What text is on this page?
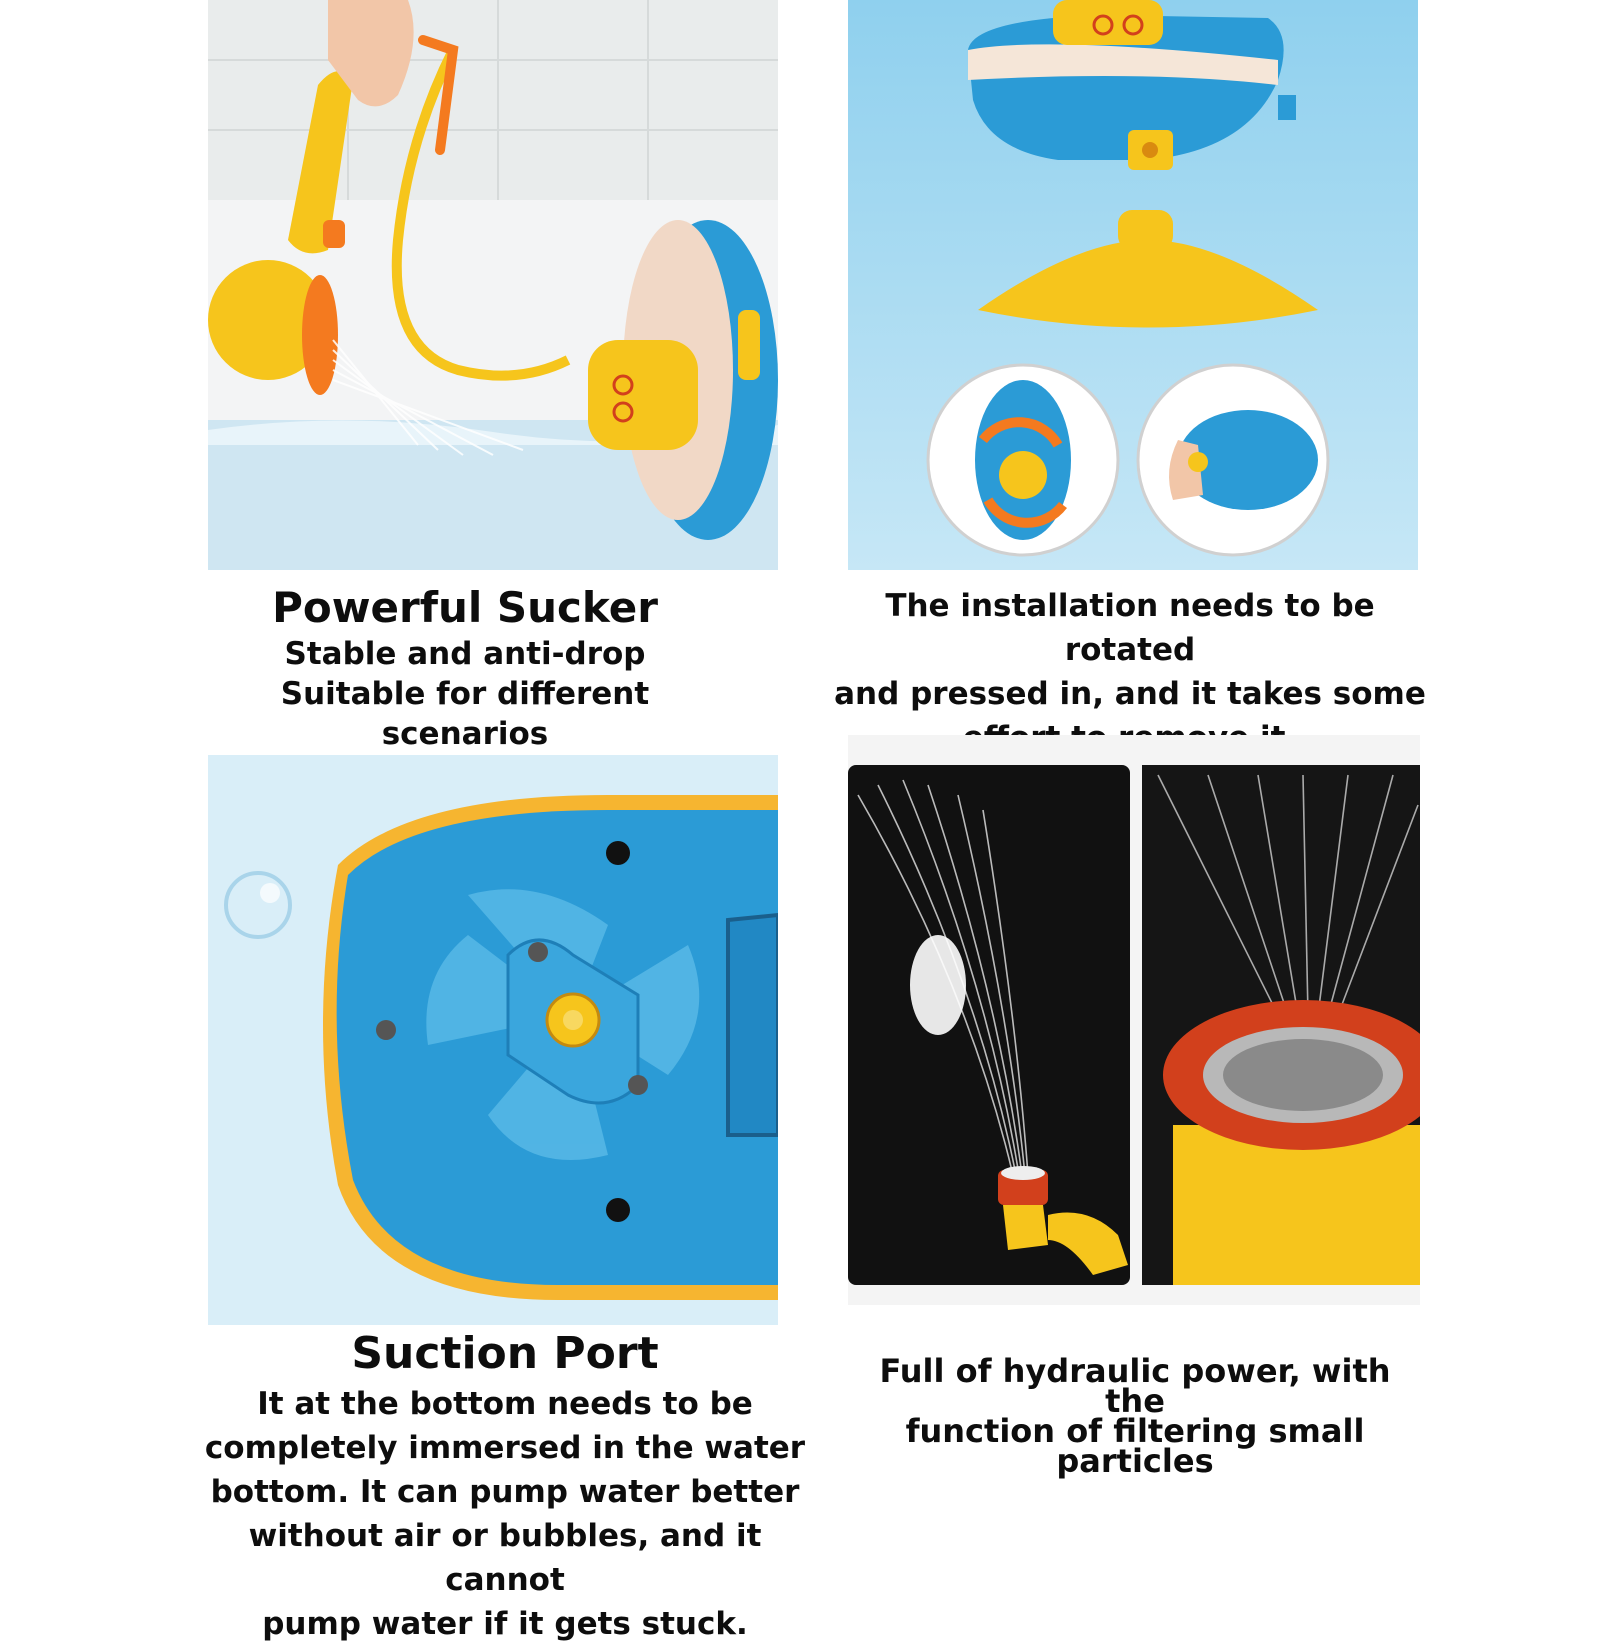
Powerful Sucker
Stable and anti-drop
Suitable for different scenarios
The installation needs to be rotated
and pressed in, and it takes some
Suction Port
It at the bottom needs to be
completely immersed in the water
bottom. It can pump water better
without air or bubbles, and it cannot
pump water if it gets stuck.
Full of hydraulic power, with the
function of filtering small
particles
